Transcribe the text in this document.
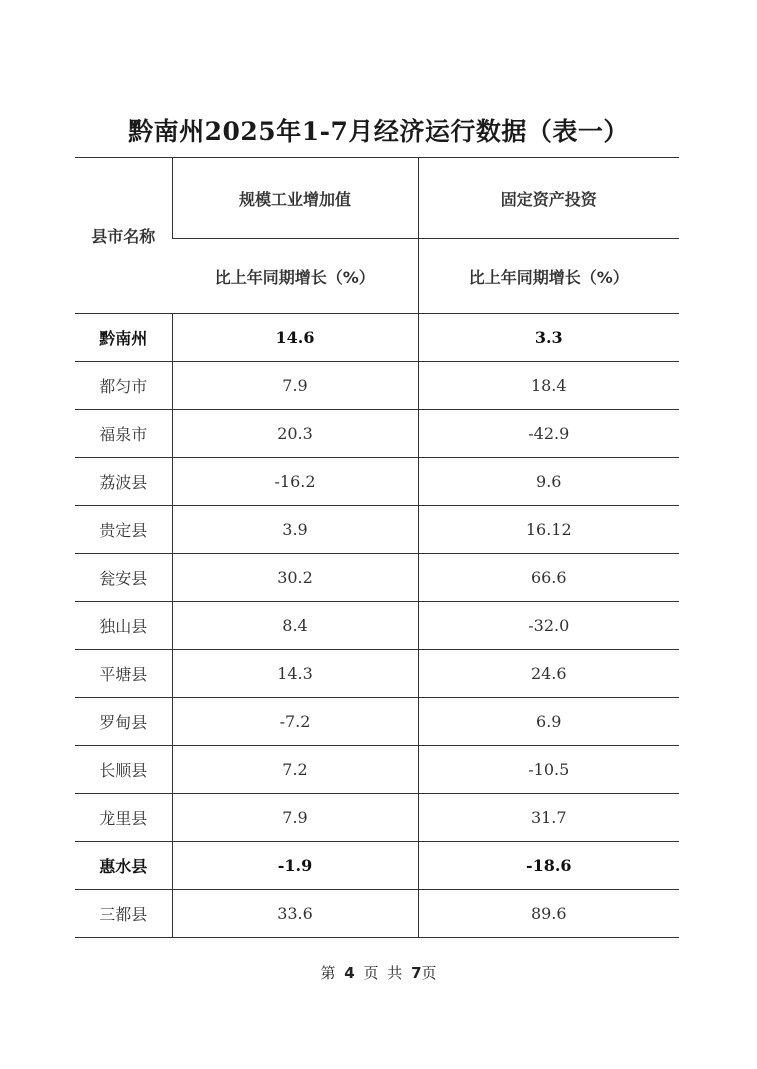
黔南州2025年1-7月经济运行数据（表一）
县市名称	规模工业增加值	固定资产投资
	比上年同期增长（%）	比上年同期增长（%）
黔南州	14.6	3.3
都匀市	7.9	18.4
福泉市	20.3	-42.9
荔波县	-16.2	9.6
贵定县	3.9	16.12
瓮安县	30.2	66.6
独山县	8.4	-32.0
平塘县	14.3	24.6
罗甸县	-7.2	6.9
长顺县	7.2	-10.5
龙里县	7.9	31.7
惠水县	-1.9	-18.6
三都县	33.6	89.6
第 4 页 共 7页
